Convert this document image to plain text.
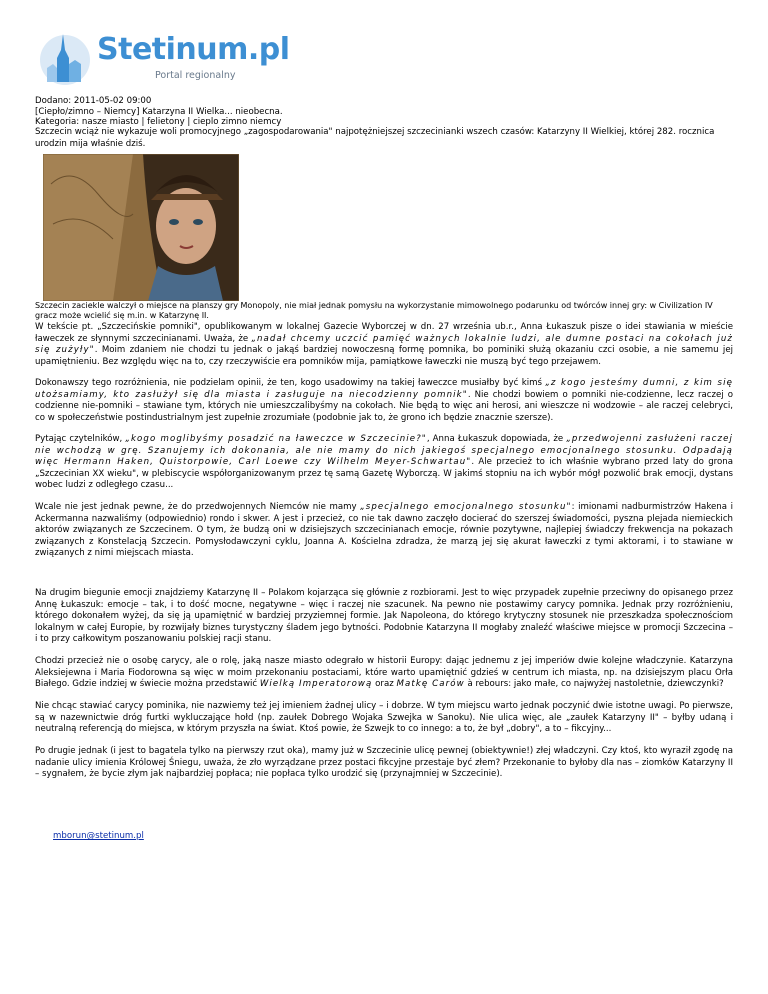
Stetinum.pl
Portal regionalny
Dodano: 2011-05-02 09:00
[Ciepło/zimno – Niemcy] Katarzyna II Wielka... nieobecna.
Kategoria: nasze miasto | felietony | cieplo zimno niemcy

Szczecin wciąż nie wykazuje woli promocyjnego „zagospodarowania" najpotężniejszej szczecinianki wszech czasów: Katarzyny II Wielkiej, której 282. rocznica urodzin mija właśnie dziś.

Szczecin zaciekle walczył o miejsce na planszy gry Monopoly, nie miał jednak pomysłu na wykorzystanie mimowolnego podarunku od twórców innej gry: w Civilization IV gracz może wcielić się m.in. w Katarzynę II.

W tekście pt. „Szczecińskie pomniki", opublikowanym w lokalnej Gazecie Wyborczej w dn. 27 września ub.r., Anna Łukaszuk pisze o idei stawiania w mieście ławeczek ze słynnymi szczecinianami. Uważa, że „nadał chcemy uczcić pamięć ważnych lokalnie ludzi, ale dumne postaci na cokołach już się zużyły". Moim zdaniem nie chodzi tu jednak o jakąś bardziej nowoczesną formę pomnika, bo pominiki służą okazaniu czci osobie, a nie samemu jej upamiętnieniu. Bez względu więc na to, czy rzeczywiście era pomników mija, pamiątkowe ławeczki nie muszą być tego przejawem.

Dokonawszy tego rozróżnienia, nie podzielam opinii, że ten, kogo usadowimy na takiej ławeczce musiałby być kimś „z kogo jesteśmy dumni, z kim się utożsamiamy, kto zasłużył się dla miasta i zasługuje na niecodzienny pomnik". Nie chodzi bowiem o pomniki nie-codzienne, lecz raczej o codzienne nie-pomniki – stawiane tym, których nie umieszczalibyśmy na cokołach. Nie będą to więc ani herosi, ani wieszcze ni wodzowie – ale raczej celebryci, co w społeczeństwie postindustrialnym jest zupełnie zrozumiałe (podobnie jak to, że grono ich będzie znacznie szersze).

Pytając czytelników, „kogo moglibyśmy posadzić na ławeczce w Szczecinie?", Anna Łukaszuk dopowiada, że „przedwojenni zasłużeni raczej nie wchodzą w grę. Szanujemy ich dokonania, ale nie mamy do nich jakiegoś specjalnego emocjonalnego stosunku. Odpadają więc Hermann Haken, Quistorpowie, Carl Loewe czy Wilhelm Meyer-Schwartau". Ale przecież to ich właśnie wybrano przed laty do grona „Szczecinian XX wieku", w plebiscycie współorganizowanym przez tę samą Gazetę Wyborczą. W jakimś stopniu na ich wybór mógł pozwolić brak emocji, dystans wobec ludzi z odległego czasu...

Wcale nie jest jednak pewne, że do przedwojennych Niemców nie mamy „specjalnego emocjonalnego stosunku": imionami nadburmistrzów Hakena i Ackermanna nazwaliśmy (odpowiednio) rondo i skwer. A jest i przecież, co nie tak dawno zaczęło docierać do szerszej świadomości, pyszna plejada niemieckich aktorów związanych ze Szczecinem. O tym, że budzą oni w dzisiejszych szczecinianach emocje, równie pozytywne, najlepiej świadczy frekwencja na pokazach związanych z Konstelacją Szczecin. Pomysłodawczyni cyklu, Joanna A. Kościelna zdradza, że marzą jej się akurat ławeczki z tymi aktorami, i to stawiane w związanych z nimi miejscach miasta.

Na drugim biegunie emocji znajdziemy Katarzynę II – Polakom kojarząca się głównie z rozbiorami. Jest to więc przypadek zupełnie przeciwny do opisanego przez Annę Łukaszuk: emocje – tak, i to dość mocne, negatywne – więc i raczej nie szacunek. Na pewno nie postawimy carycy pomnika. Jednak przy rozróżnieniu, którego dokonałem wyżej, da się ją upamiętnić w bardziej przyziemnej formie. Jak Napoleona, do którego krytyczny stosunek nie przeszkadza społecznościom lokalnym w całej Europie, by rozwijały biznes turystyczny śladem jego bytności. Podobnie Katarzyna II mogłaby znaleźć właściwe miejsce w promocji Szczecina – i to przy całkowitym poszanowaniu polskiej racji stanu.

Chodzi przecież nie o osobę carycy, ale o rolę, jaką nasze miasto odegrało w historii Europy: dając jednemu z jej imperiów dwie kolejne władczynie. Katarzyna Aleksiejewna i Maria Fiodorowna są więc w moim przekonaniu postaciami, które warto upamiętnić gdzieś w centrum ich miasta, np. na dzisiejszym placu Orła Białego. Gdzie indziej w świecie można przedstawić Wielką Imperatorową oraz Matkę Carów à rebours: jako małe, co najwyżej nastoletnie, dziewczynki?

Nie chcąc stawiać carycy pominika, nie nazwiemy też jej imieniem żadnej ulicy – i dobrze. W tym miejscu warto jednak poczynić dwie istotne uwagi. Po pierwsze, są w nazewnictwie dróg furtki wykluczające hołd (np. zaułek Dobrego Wojaka Szwejka w Sanoku). Nie ulica więc, ale „zaułek Katarzyny II" – byłby udaną i neutralną referencją do miejsca, w którym przyszła na świat. Ktoś powie, że Szwejk to co innego: a to, że był „dobry", a to – fikcyjny...

Po drugie jednak (i jest to bagatela tylko na pierwszy rzut oka), mamy już w Szczecinie ulicę pewnej (obiektywnie!) złej władczyni. Czy ktoś, kto wyraził zgodę na nadanie ulicy imienia Królowej Śniegu, uważa, że zło wyrządzane przez postaci fikcyjne przestaje być złem? Przekonanie to byłoby dla nas – ziomków Katarzyny II – sygnałem, że bycie złym jak najbardziej popłaca; nie popłaca tylko urodzić się (przynajmniej w Szczecinie).

mborun@stetinum.pl
